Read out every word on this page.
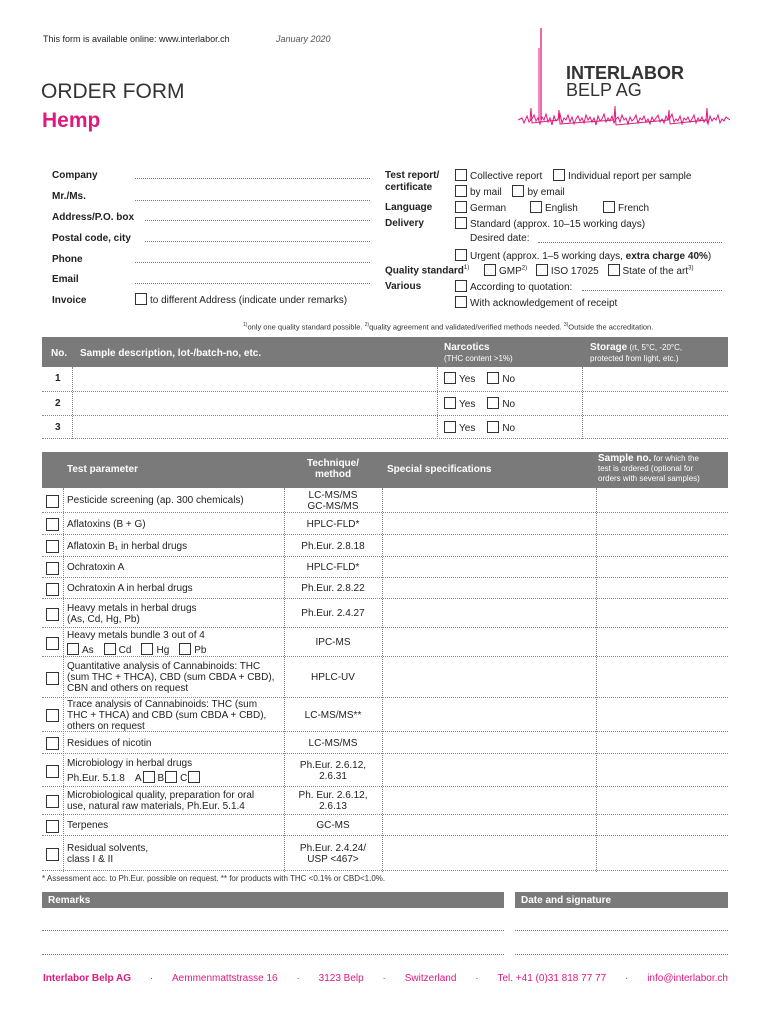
This form is available online: www.interlabor.ch	January 2020
ORDER FORM
Hemp
INTERLABOR
BELP AG
Company
Mr./Ms.
Address/P.O. box
Postal code, city
Phone
Email
Invoice	to different Address (indicate under remarks)
Test report/
certificate
Collective report	Individual report per sample
by mail	by email
Language	German	English	French
Delivery	Standard (approx. 10–15 working days)
Desired date:
Urgent (approx. 1–5 working days, extra charge 40%)
Quality standard$^{1)}$	GMP$^{2)}$ ISO 17025 State of the art$^{3)}$
Various	According to quotation:
With acknowledgement of receipt
$^{1)}$only one quality standard possible. $^{2)}$quality agreement and validated/verified methods needed. $^{3)}$Outside the accreditation.
No. Sample description, lot-/batch-no, etc.
Narcotics
(THC content >1%)
Storage (rt, 5°C, -20°C,
protected from light, etc.)
1	Yes	No
2	Yes	No
3	Yes	No
Test parameter
Technique/
method	Special specifications
Sample no. for which the
test is ordered (optional for
orders with several samples)
Pesticide screening (ap. 300 chemicals)	LC-MS/MS
GC-MS/MS
Aflatoxins (B + G)	HPLC-FLD*
Aflatoxin B₁ in herbal drugs	Ph.Eur. 2.8.18
Ochratoxin A	HPLC-FLD*
Ochratoxin A in herbal drugs	Ph.Eur. 2.8.22
Heavy metals in herbal drugs
(As, Cd, Hg, Pb)	Ph.Eur. 2.4.27
Heavy metals bundle 3 out of 4
As	Cd	Hg	Pb
IPC-MS
Quantitative analysis of Cannabinoids: THC
(sum THC + THCA), CBD (sum CBDA + CBD),
CBN and others on request
HPLC-UV
Trace analysis of Cannabinoids: THC (sum
THC + THCA) and CBD (sum CBDA + CBD),
others on request
LC-MS/MS**
Residues of nicotin	LC-MS/MS
Microbiology in herbal drugs
Ph.Eur. 5.1.8 A B C
Ph.Eur. 2.6.12,
2.6.31
Microbiological quality, preparation for oral
use, natural raw materials, Ph.Eur. 5.1.4
Ph. Eur. 2.6.12,
2.6.13
Terpenes	GC-MS
Residual solvents,
class I & II
Ph.Eur. 2.4.24/
USP <467>
* Assessment acc. to Ph.Eur. possible on request. ** for products with THC <0.1% or CBD<1.0%.
Remarks	Date and signature
Interlabor Belp AG · Aemmenmattstrasse 16 · 3123 Belp · Switzerland · Tel. +41 (0)31 818 77 77 · info@interlabor.ch
